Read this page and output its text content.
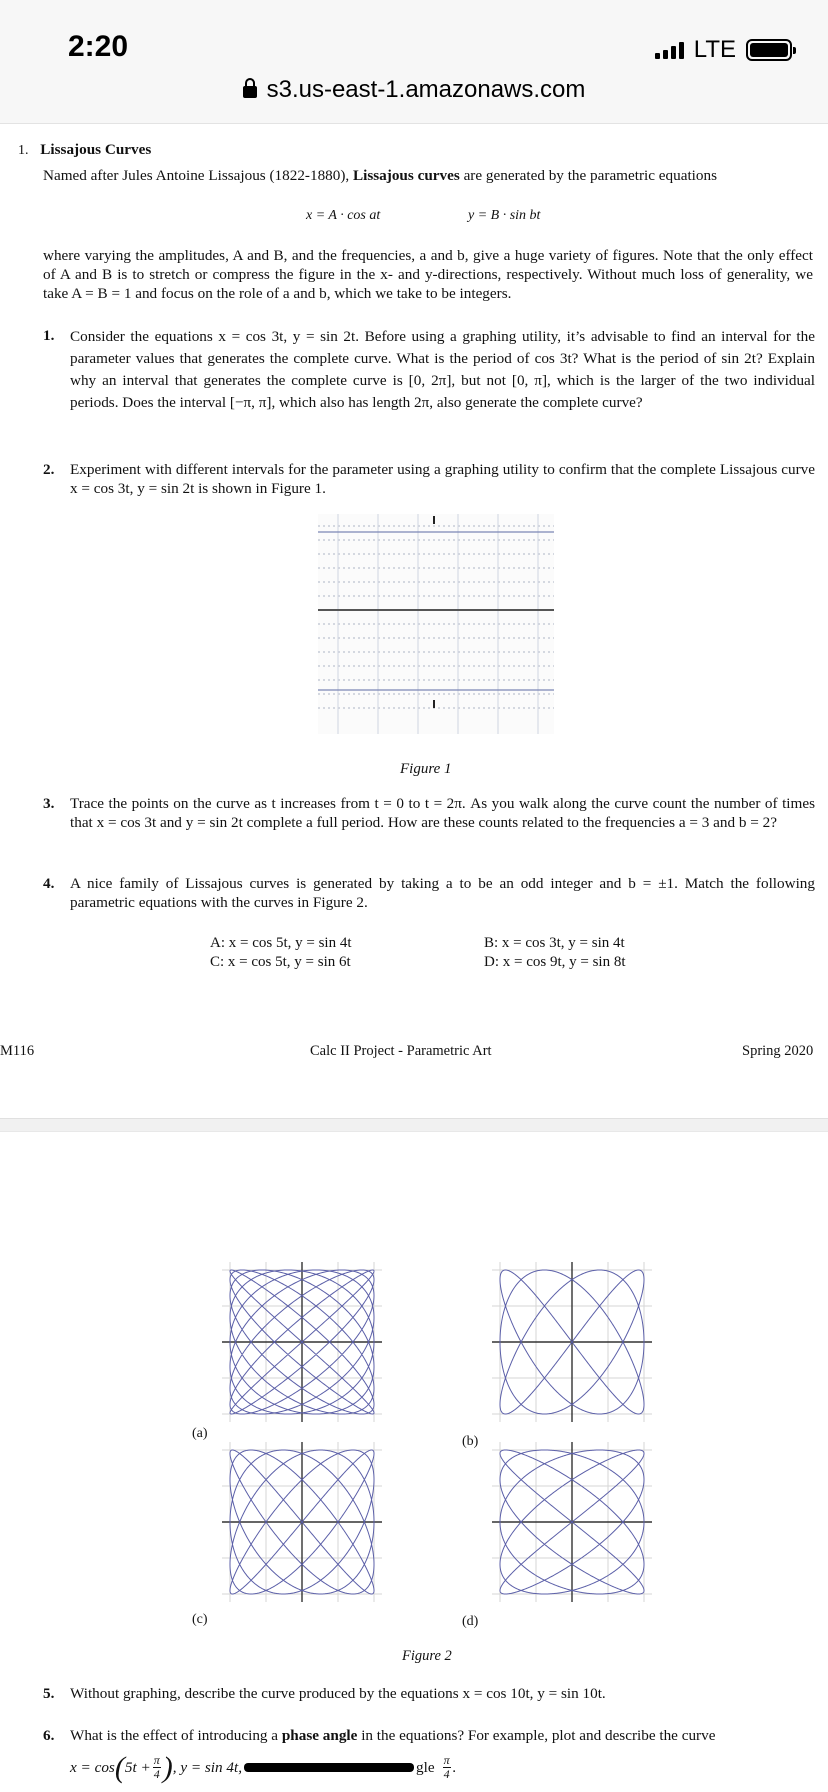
2:20	LTE
s3.us-east-1.amazonaws.com
1. Lissajous Curves
Named after Jules Antoine Lissajous (1822-1880), Lissajous curves are generated by the parametric equations
x = A · cos at	y = B · sin bt
where varying the amplitudes, A and B, and the frequencies, a and b, give a huge variety of figures. Note that the only effect of A and B is to stretch or compress the figure in the x- and y-directions, respectively. Without much loss of generality, we take A = B = 1 and focus on the role of a and b, which we take to be integers.
1. Consider the equations x = cos 3t, y = sin 2t. Before using a graphing utility, it’s advisable to find an interval for the parameter values that generates the complete curve. What is the period of cos 3t? What is the period of sin 2t? Explain why an interval that generates the complete curve is [0, 2π], but not [0, π], which is the larger of the two individual periods. Does the interval [−π, π], which also has length 2π, also generate the complete curve?
2. Experiment with different intervals for the parameter using a graphing utility to confirm that the complete Lissajous curve x = cos 3t, y = sin 2t is shown in Figure 1.
Figure 1
3. Trace the points on the curve as t increases from t = 0 to t = 2π. As you walk along the curve count the number of times that x = cos 3t and y = sin 2t complete a full period. How are these counts related to the frequencies a = 3 and b = 2?
4. A nice family of Lissajous curves is generated by taking a to be an odd integer and b = ±1. Match the following parametric equations with the curves in Figure 2.
A: x = cos 5t, y = sin 4t	B: x = cos 3t, y = sin 4t
C: x = cos 5t, y = sin 6t	D: x = cos 9t, y = sin 8t
M116	Calc II Project - Parametric Art	Spring 2020
(a)
(b)
(c)	(d)
Figure 2
5. Without graphing, describe the curve produced by the equations x = cos 10t, y = sin 10t.
6. What is the effect of introducing a phase angle in the equations? For example, plot and describe the curve
x = cos ( $5t + \frac{\pi}{4}$ ) , y = sin 4t,	gle $\frac{\pi}{4}$ .
